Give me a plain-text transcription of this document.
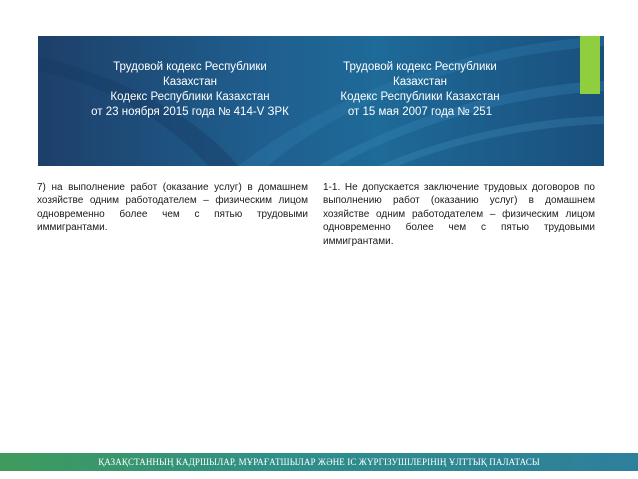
Трудовой кодекс Республики
Казахстан
Кодекс Республики Казахстан
от 23 ноября 2015 года № 414-V ЗРК
Трудовой кодекс Республики
Казахстан
Кодекс Республики Казахстан
от 15 мая 2007 года № 251
7) на выполнение работ (оказание услуг) в домашнем хозяйстве одним работодателем – физическим лицом одновременно более чем с пятью трудовыми иммигрантами.
1-1. Не допускается заключение трудовых договоров по выполнению работ (оказанию услуг) в домашнем хозяйстве одним работодателем – физическим лицом одновременно более чем с пятью трудовыми иммигрантами.
ҚАЗАҚСТАННЫҢ КАДРШЫЛАР, МҰРАҒАТШЫЛАР ЖӘНЕ ІС ЖҮРГІЗУШІЛЕРІНІҢ ҰЛТТЫҚ ПАЛАТАСЫ
